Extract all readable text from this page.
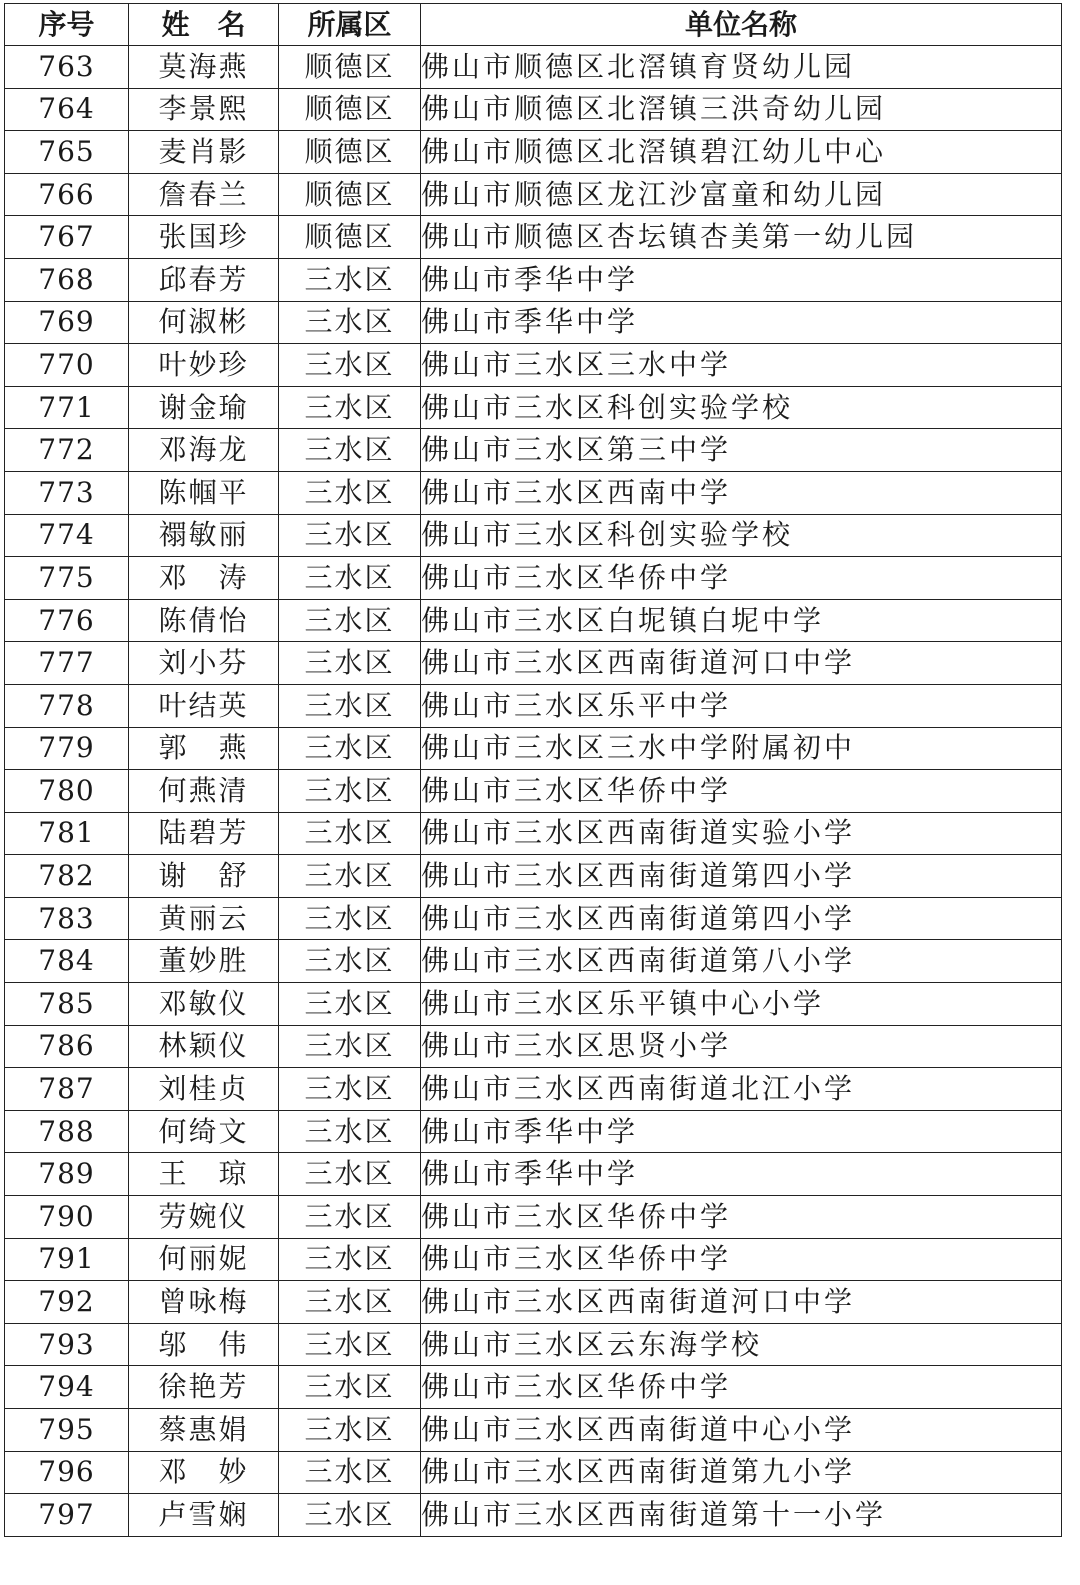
序号	姓　名	所属区	单位名称
763	莫海燕	顺德区	佛山市顺德区北滘镇育贤幼儿园
764	李景熙	顺德区	佛山市顺德区北滘镇三洪奇幼儿园
765	麦肖影	顺德区	佛山市顺德区北滘镇碧江幼儿中心
766	詹春兰	顺德区	佛山市顺德区龙江沙富童和幼儿园
767	张国珍	顺德区	佛山市顺德区杏坛镇杏美第一幼儿园
768	邱春芳	三水区	佛山市季华中学
769	何淑彬	三水区	佛山市季华中学
770	叶妙珍	三水区	佛山市三水区三水中学
771	谢金瑜	三水区	佛山市三水区科创实验学校
772	邓海龙	三水区	佛山市三水区第三中学
773	陈帼平	三水区	佛山市三水区西南中学
774	禤敏丽	三水区	佛山市三水区科创实验学校
775	邓　涛	三水区	佛山市三水区华侨中学
776	陈倩怡	三水区	佛山市三水区白坭镇白坭中学
777	刘小芬	三水区	佛山市三水区西南街道河口中学
778	叶结英	三水区	佛山市三水区乐平中学
779	郭　燕	三水区	佛山市三水区三水中学附属初中
780	何燕清	三水区	佛山市三水区华侨中学
781	陆碧芳	三水区	佛山市三水区西南街道实验小学
782	谢　舒	三水区	佛山市三水区西南街道第四小学
783	黄丽云	三水区	佛山市三水区西南街道第四小学
784	董妙胜	三水区	佛山市三水区西南街道第八小学
785	邓敏仪	三水区	佛山市三水区乐平镇中心小学
786	林颖仪	三水区	佛山市三水区思贤小学
787	刘桂贞	三水区	佛山市三水区西南街道北江小学
788	何绮文	三水区	佛山市季华中学
789	王　琼	三水区	佛山市季华中学
790	劳婉仪	三水区	佛山市三水区华侨中学
791	何丽妮	三水区	佛山市三水区华侨中学
792	曾咏梅	三水区	佛山市三水区西南街道河口中学
793	邬　伟	三水区	佛山市三水区云东海学校
794	徐艳芳	三水区	佛山市三水区华侨中学
795	蔡惠娟	三水区	佛山市三水区西南街道中心小学
796	邓　妙	三水区	佛山市三水区西南街道第九小学
797	卢雪娴	三水区	佛山市三水区西南街道第十一小学
